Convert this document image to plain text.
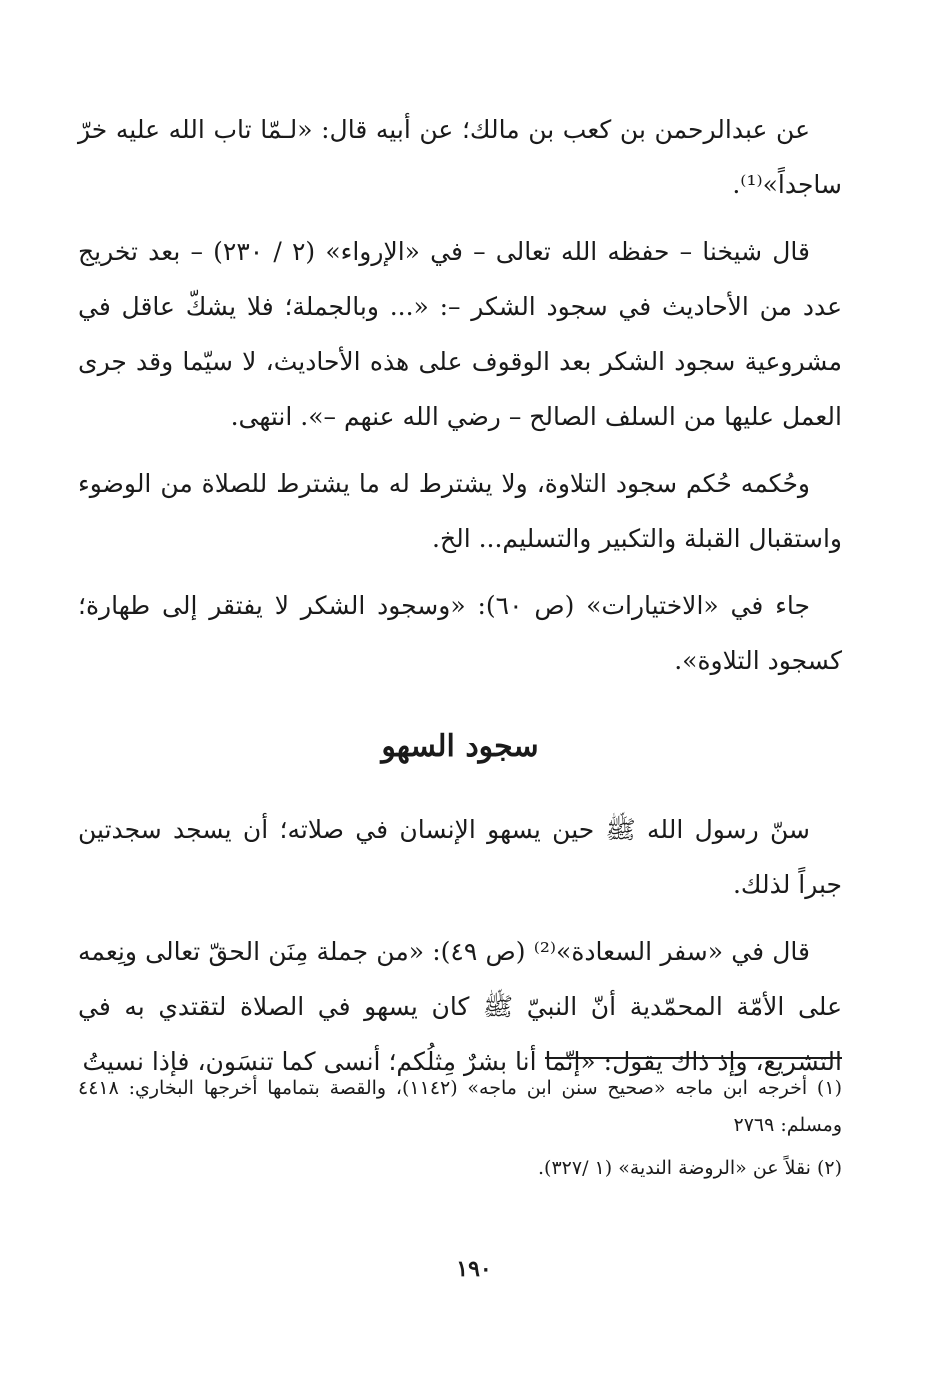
عن عبدالرحمن بن كعب بن مالك؛ عن أبيه قال: «لـمّا تاب الله عليه خرّ ساجداً»⁽¹⁾.

قال شيخنا – حفظه الله تعالى – في «الإرواء» (٢ / ٢٣٠) – بعد تخريج عدد من الأحاديث في سجود الشكر –: «... وبالجملة؛ فلا يشكّ عاقل في مشروعية سجود الشكر بعد الوقوف على هذه الأحاديث، لا سيّما وقد جرى العمل عليها من السلف الصالح – رضي الله عنهم –». انتهى.

وحُكمه حُكم سجود التلاوة، ولا يشترط له ما يشترط للصلاة من الوضوء واستقبال القبلة والتكبير والتسليم... الخ.

جاء في «الاختيارات» (ص ٦٠): «وسجود الشكر لا يفتقر إلى طهارة؛ كسجود التلاوة».

سجود السهو

سنّ رسول الله ﷺ حين يسهو الإنسان في صلاته؛ أن يسجد سجدتين جبراً لذلك.

قال في «سفر السعادة»⁽²⁾ (ص ٤٩): «من جملة مِنَن الحقّ تعالى ونِعمه على الأمّة المحمّدية أنّ النبيّ ﷺ كان يسهو في الصلاة لتقتدي به في التشريع، وإذ ذاك يقول: «إنّما أنا بشرٌ مِثلُكم؛ أنسى كما تنسَون، فإذا نسيتُ

(١) أخرجه ابن ماجه «صحيح سنن ابن ماجه» (١١٤٢)، والقصة بتمامها أخرجها البخاري: ٤٤١٨ ومسلم: ٢٧٦٩

(٢) نقلاً عن «الروضة الندية» (١ /٣٢٧).

١٩٠
